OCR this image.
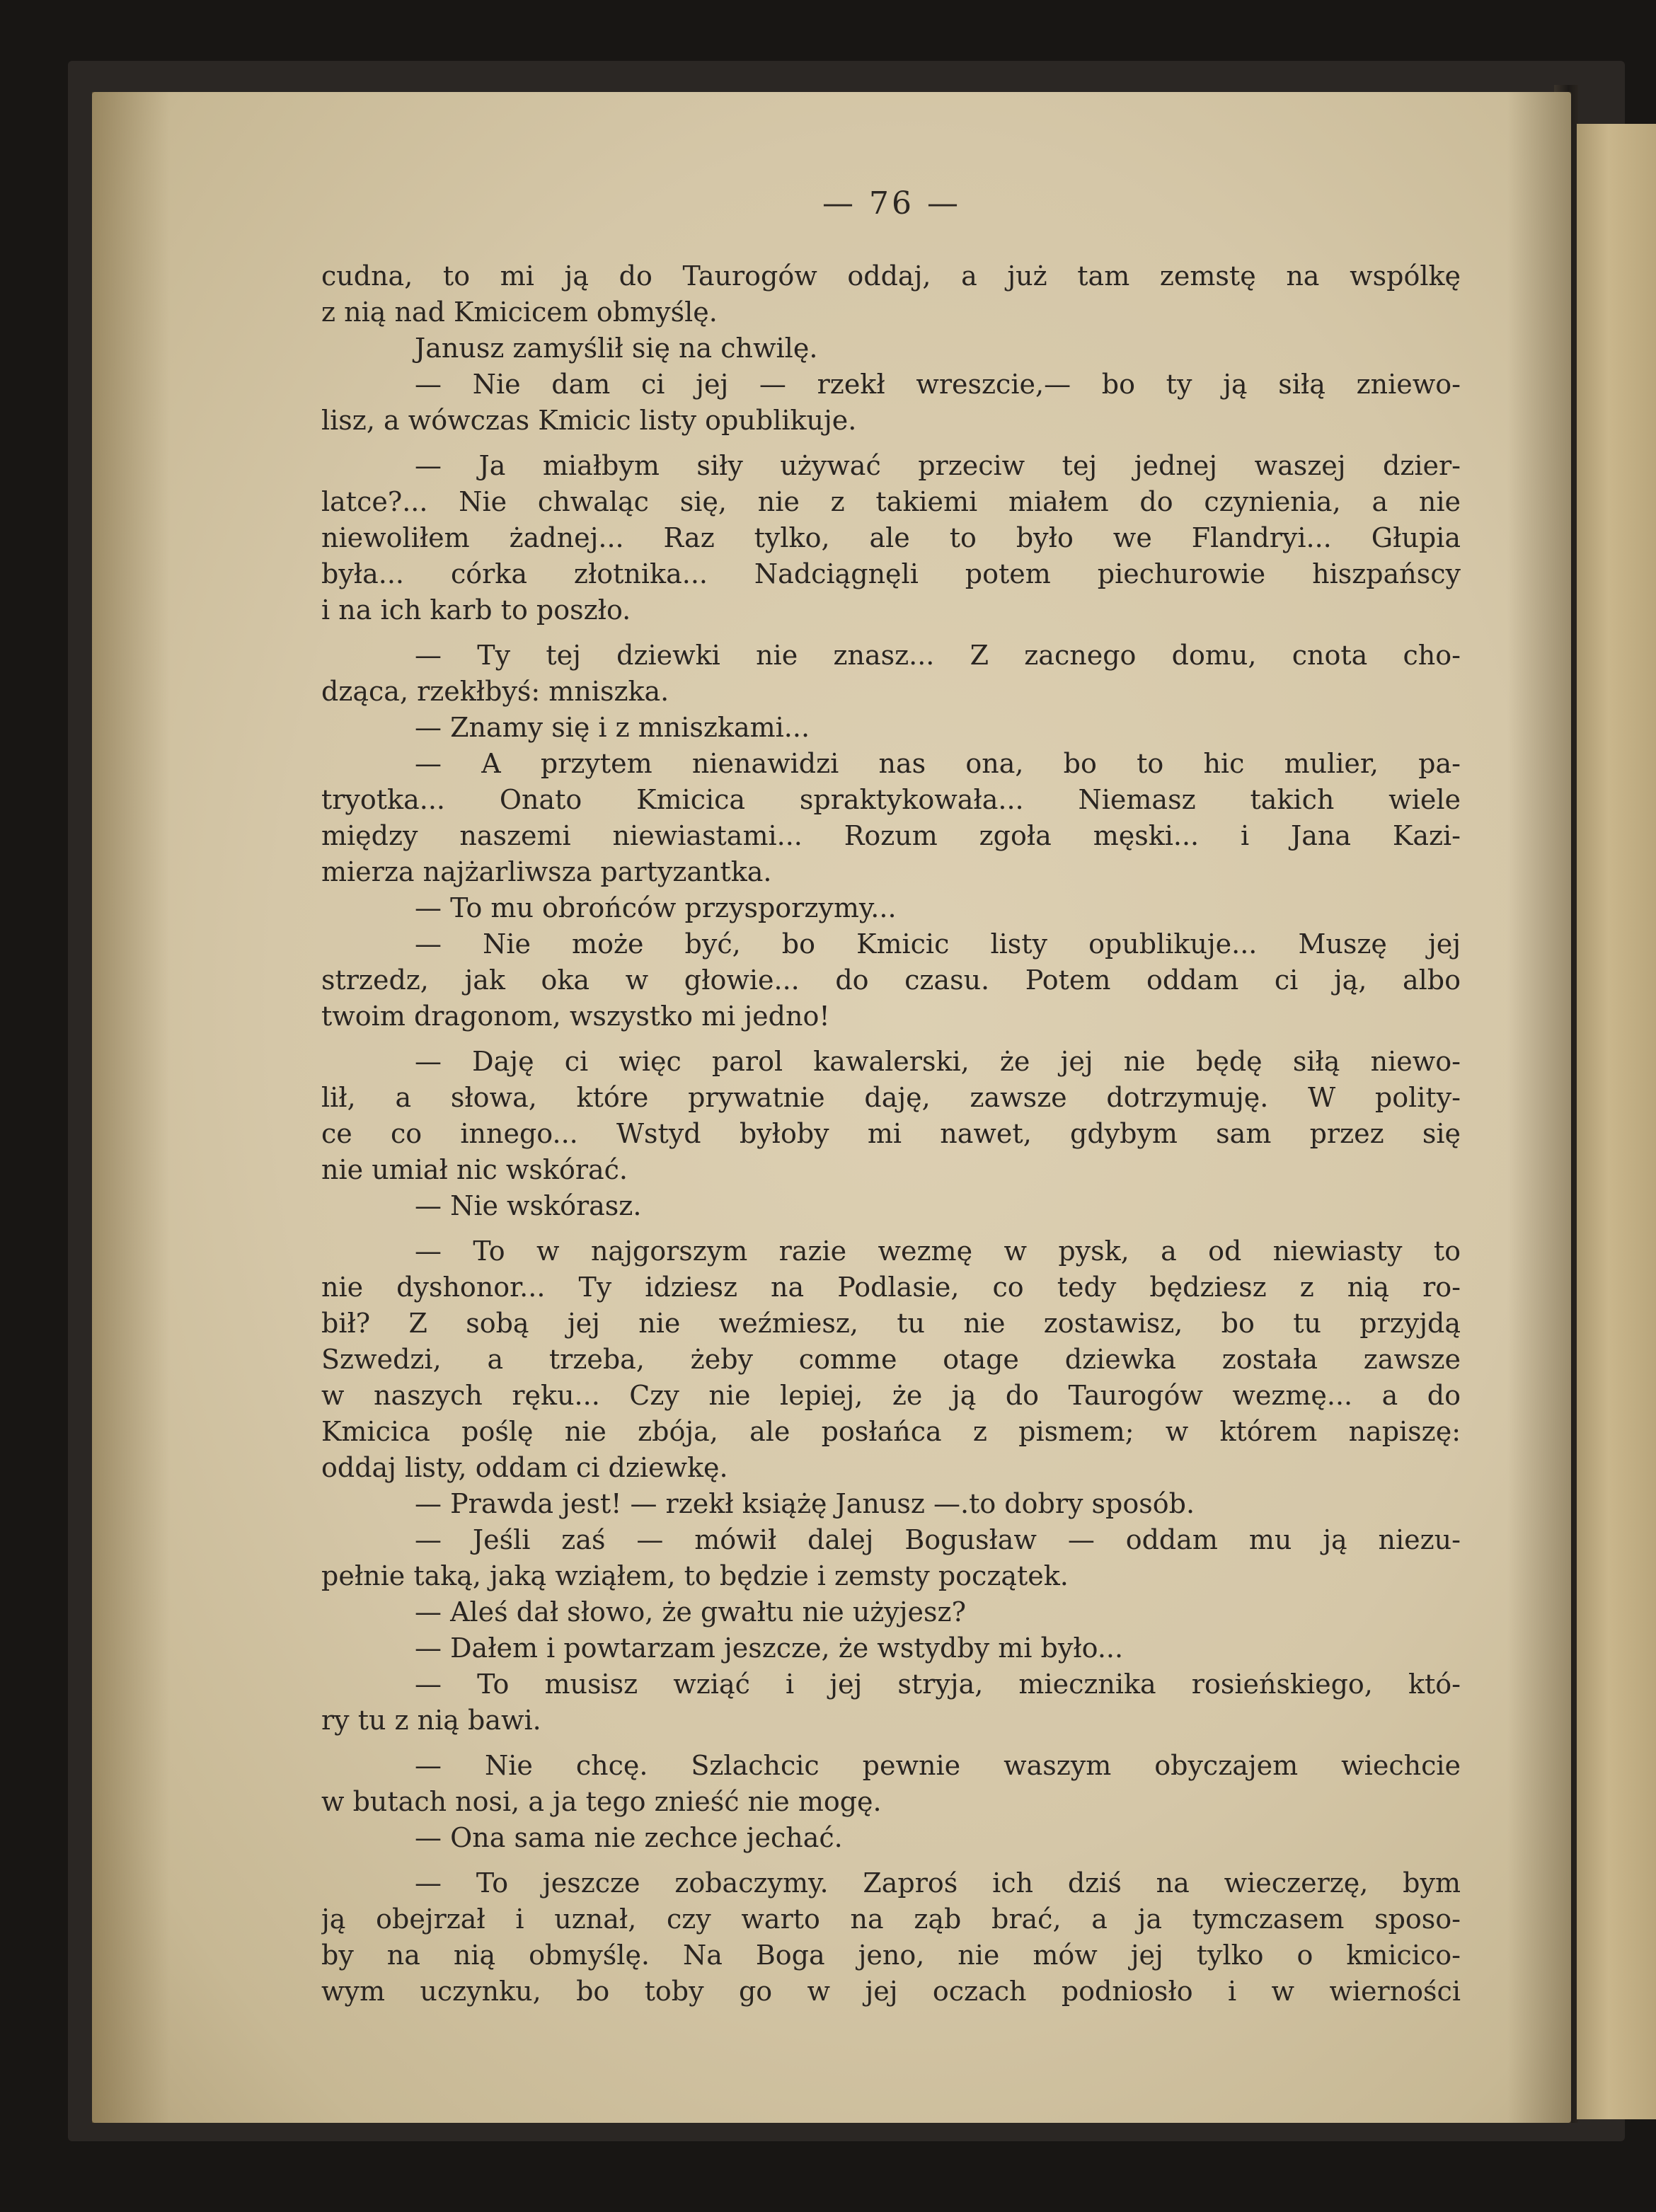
— 76 —
cudna, to mi ją do Taurogów oddaj, a już tam zemstę na wspólkę
z nią nad Kmicicem obmyślę.
Janusz zamyślił się na chwilę.
— Nie dam ci jej — rzekł wreszcie,— bo ty ją siłą zniewo-
lisz, a wówczas Kmicic listy opublikuje.
— Ja miałbym siły używać przeciw tej jednej waszej dzier-
latce?... Nie chwaląc się, nie z takiemi miałem do czynienia, a nie
niewoliłem żadnej... Raz tylko, ale to było we Flandryi... Głupia
była... córka złotnika... Nadciągnęli potem piechurowie hiszpańscy
i na ich karb to poszło.
— Ty tej dziewki nie znasz... Z zacnego domu, cnota cho-
dząca, rzekłbyś: mniszka.
— Znamy się i z mniszkami...
— A przytem nienawidzi nas ona, bo to hic mulier, pa-
tryotka... Onato Kmicica spraktykowała... Niemasz takich wiele
między naszemi niewiastami... Rozum zgoła męski... i Jana Kazi-
mierza najżarliwsza partyzantka.
— To mu obrońców przysporzymy...
— Nie może być, bo Kmicic listy opublikuje... Muszę jej
strzedz, jak oka w głowie... do czasu. Potem oddam ci ją, albo
twoim dragonom, wszystko mi jedno!
— Daję ci więc parol kawalerski, że jej nie będę siłą niewo-
lił, a słowa, które prywatnie daję, zawsze dotrzymuję. W polity-
ce co innego... Wstyd byłoby mi nawet, gdybym sam przez się
nie umiał nic wskórać.
— Nie wskórasz.
— To w najgorszym razie wezmę w pysk, a od niewiasty to
nie dyshonor... Ty idziesz na Podlasie, co tedy będziesz z nią ro-
bił? Z sobą jej nie weźmiesz, tu nie zostawisz, bo tu przyjdą
Szwedzi, a trzeba, żeby comme otage dziewka została zawsze
w naszych ręku... Czy nie lepiej, że ją do Taurogów wezmę... a do
Kmicica poślę nie zbója, ale posłańca z pismem; w którem napiszę:
oddaj listy, oddam ci dziewkę.
— Prawda jest! — rzekł książę Janusz —.to dobry sposób.
— Jeśli zaś — mówił dalej Bogusław — oddam mu ją niezu-
pełnie taką, jaką wziąłem, to będzie i zemsty początek.
— Aleś dał słowo, że gwałtu nie użyjesz?
— Dałem i powtarzam jeszcze, że wstydby mi było...
— To musisz wziąć i jej stryja, miecznika rosieńskiego, któ-
ry tu z nią bawi.
— Nie chcę. Szlachcic pewnie waszym obyczajem wiechcie
w butach nosi, a ja tego znieść nie mogę.
— Ona sama nie zechce jechać.
— To jeszcze zobaczymy. Zaproś ich dziś na wieczerzę, bym
ją obejrzał i uznał, czy warto na ząb brać, a ja tymczasem sposo-
by na nią obmyślę. Na Boga jeno, nie mów jej tylko o kmicico-
wym uczynku, bo toby go w jej oczach podniosło i w wierności
